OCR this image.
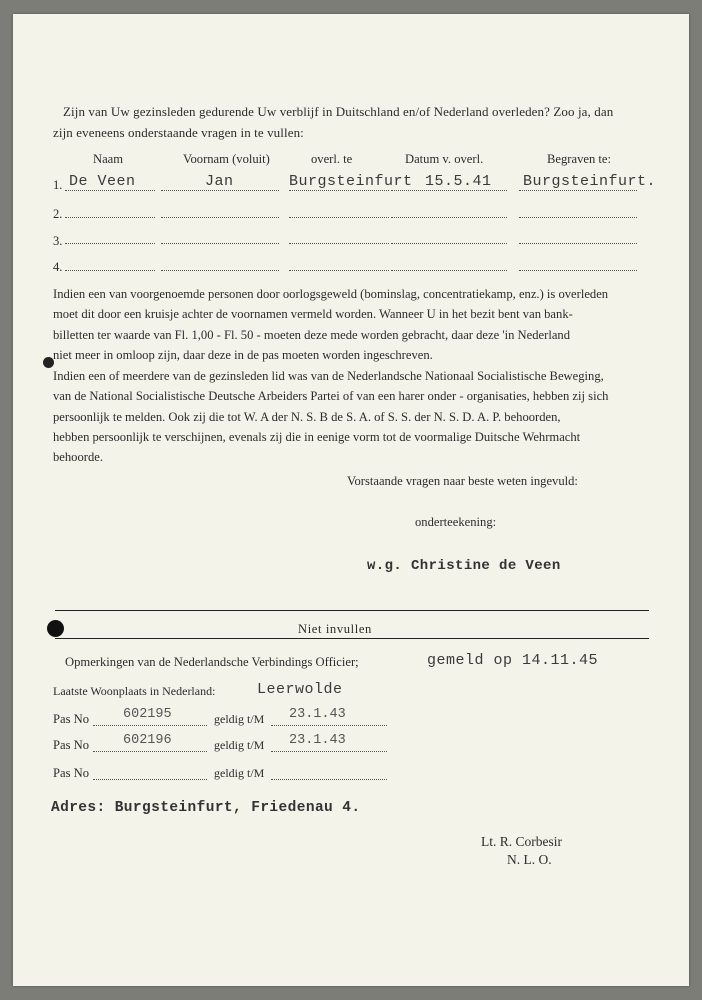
Zijn van Uw gezinsleden gedurende Uw verblijf in Duitschland en/of Nederland overleden? Zoo ja, dan
zijn eveneens onderstaande vragen in te vullen:
Naam	Voornam (voluit)	overl. te	Datum v. overl.	Begraven te:
1. De Veen	Jan	Burgsteinfurt 15.5.41 Burgsteinfurt.
2.
3.
4.
Indien een van voorgenoemde personen door oorlogsgeweld (bominslag, concentratiekamp, enz.) is overleden
moet dit door een kruisje achter de voornamen vermeld worden. Wanneer U in het bezit bent van bank-
billetten ter waarde van Fl. 1,00 - Fl. 50 - moeten deze mede worden gebracht, daar deze 'in Nederland
niet meer in omloop zijn, daar deze in de pas moeten worden ingeschreven.
Indien een of meerdere van de gezinsleden lid was van de Nederlandsche Nationaal Socialistische Beweging,
van de National Socialistische Deutsche Arbeiders Partei of van een harer onder - organisaties, hebben zij sich
persoonlijk te melden. Ook zij die tot W. A der N. S. B de S. A. of S. S. der N. S. D. A. P. behoorden,
hebben persoonlijk te verschijnen, evenals zij die in eenige vorm tot de voormalige Duitsche Wehrmacht
behoorde.
Vorstaande vragen naar beste weten ingevuld:
onderteekening:
w.g. Christine de Veen
Niet invullen
Opmerkingen van de Nederlandsche Verbindings Officier;	gemeld op 14.11.45
Laatste Woonplaats in Nederland:	Leerwolde
Pas No	602195	geldig t/M 23.1.43
Pas No	602196	geldig t/M 23.1.43
Pas No	geldig t/M
Adres: Burgsteinfurt, Friedenau 4.
Lt. R. Corbesir
N. L. O.
